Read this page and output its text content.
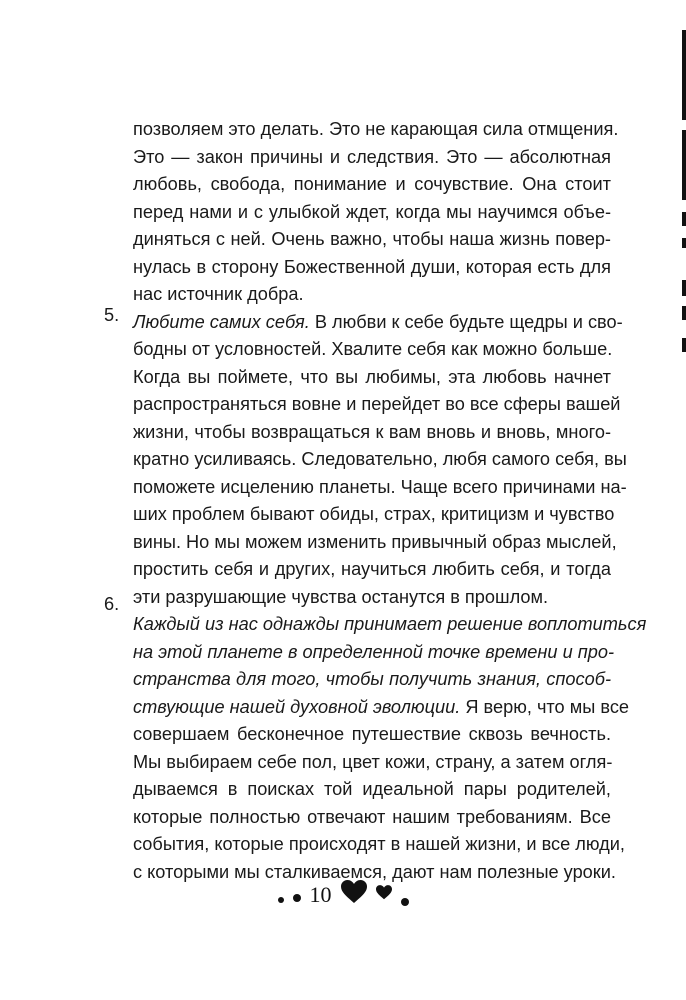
5.
6.
позволяем это делать. Это не карающая сила отмщения.
Это — закон причины и следствия. Это — абсолютная
любовь, свобода, понимание и сочувствие. Она стоит
перед нами и с улыбкой ждет, когда мы научимся объе-
диняться с ней. Очень важно, чтобы наша жизнь повер-
нулась в сторону Божественной души, которая есть для
нас источник добра.
Любите самих себя. В любви к себе будьте щедры и сво-
бодны от условностей. Хвалите себя как можно больше.
Когда вы поймете, что вы любимы, эта любовь начнет
распространяться вовне и перейдет во все сферы вашей
жизни, чтобы возвращаться к вам вновь и вновь, много-
кратно усиливаясь. Следовательно, любя самого себя, вы
поможете исцелению планеты. Чаще всего причинами на-
ших проблем бывают обиды, страх, критицизм и чувство
вины. Но мы можем изменить привычный образ мыслей,
простить себя и других, научиться любить себя, и тогда
эти разрушающие чувства останутся в прошлом.
Каждый из нас однажды принимает решение воплотиться
на этой планете в определенной точке времени и про-
странства для того, чтобы получить знания, способ-
ствующие нашей духовной эволюции. Я верю, что мы все
совершаем бесконечное путешествие сквозь вечность.
Мы выбираем себе пол, цвет кожи, страну, а затем огля-
дываемся в поисках той идеальной пары родителей,
которые полностью отвечают нашим требованиям. Все
события, которые происходят в нашей жизни, и все люди,
с которыми мы сталкиваемся, дают нам полезные уроки.
10
